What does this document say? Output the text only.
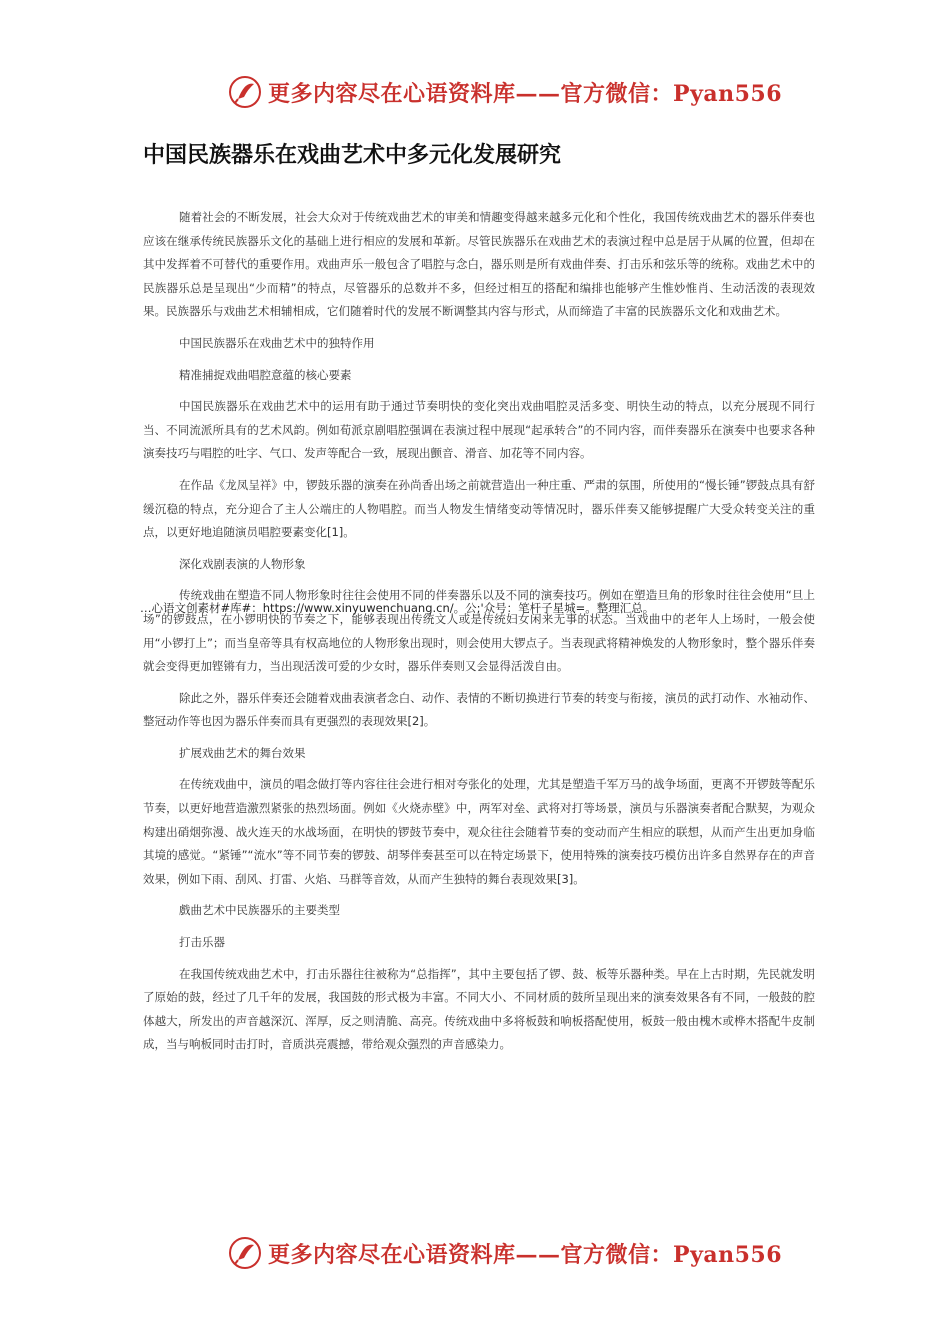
更多内容尽在心语资料库——官方微信：Pyan556
中国民族器乐在戏曲艺术中多元化发展研究

随着社会的不断发展，社会大众对于传统戏曲艺术的审美和情趣变得越来越多元化和个性化，我国传统戏曲艺术的器乐伴奏也应该在继承传统民族器乐文化的基础上进行相应的发展和革新。尽管民族器乐在戏曲艺术的表演过程中总是居于从属的位置，但却在其中发挥着不可替代的重要作用。戏曲声乐一般包含了唱腔与念白，器乐则是所有戏曲伴奏、打击乐和弦乐等的统称。戏曲艺术中的民族器乐总是呈现出“少而精”的特点，尽管器乐的总数并不多，但经过相互的搭配和编排也能够产生惟妙惟肖、生动活泼的表现效果。民族器乐与戏曲艺术相辅相成，它们随着时代的发展不断调整其内容与形式，从而缔造了丰富的民族器乐文化和戏曲艺术。

中国民族器乐在戏曲艺术中的独特作用

精准捕捉戏曲唱腔意蕴的核心要素

中国民族器乐在戏曲艺术中的运用有助于通过节奏明快的变化突出戏曲唱腔灵活多变、明快生动的特点，以充分展现不同行当、不同流派所具有的艺术风韵。例如荀派京剧唱腔强调在表演过程中展现“起承转合”的不同内容，而伴奏器乐在演奏中也要求各种演奏技巧与唱腔的吐字、气口、发声等配合一致，展现出颤音、滑音、加花等不同内容。

在作品《龙凤呈祥》中，锣鼓乐器的演奏在孙尚香出场之前就营造出一种庄重、严肃的氛围，所使用的“慢长锤”锣鼓点具有舒缓沉稳的特点，充分迎合了主人公端庄的人物唱腔。而当人物发生情绪变动等情况时，器乐伴奏又能够提醒广大受众转变关注的重点，以更好地追随演员唱腔要素变化[1]。

深化戏剧表演的人物形象

传统戏曲在塑造不同人物形象时往往会使用不同的伴奏器乐以及不同的演奏技巧。例如在塑造旦角的形象时往往会使用“旦上场”的锣鼓点，在小锣明快的节奏之下，能够表现出传统文人或是传统妇女闲来无事的状态。当戏曲中的老年人上场时，一般会使用“小锣打上”；而当皇帝等具有权高地位的人物形象出现时，则会使用大锣点子。当表现武将精神焕发的人物形象时，整个器乐伴奏就会变得更加铿锵有力，当出现活泼可爱的少女时，器乐伴奏则又会显得活泼自由。

除此之外，器乐伴奏还会随着戏曲表演者念白、动作、表情的不断切换进行节奏的转变与衔接，演员的武打动作、水袖动作、整冠动作等也因为器乐伴奏而具有更强烈的表现效果[2]。

扩展戏曲艺术的舞台效果

在传统戏曲中，演员的唱念做打等内容往往会进行相对夸张化的处理，尤其是塑造千军万马的战争场面，更离不开锣鼓等配乐节奏，以更好地营造激烈紧张的热烈场面。例如《火烧赤壁》中，两军对垒、武将对打等场景，演员与乐器演奏者配合默契，为观众构建出硝烟弥漫、战火连天的水战场面，在明快的锣鼓节奏中，观众往往会随着节奏的变动而产生相应的联想，从而产生出更加身临其境的感觉。“紧锤”“流水”等不同节奏的锣鼓、胡琴伴奏甚至可以在特定场景下，使用特殊的演奏技巧模仿出许多自然界存在的声音效果，例如下雨、刮风、打雷、火焰、马群等音效，从而产生独特的舞台表现效果[3]。

戲曲艺术中民族器乐的主要类型

打击乐器

在我国传统戏曲艺术中，打击乐器往往被称为“总指挥”，其中主要包括了锣、鼓、板等乐器种类。早在上古时期，先民就发明了原始的鼓，经过了几千年的发展，我国鼓的形式极为丰富。不同大小、不同材质的鼓所呈现出来的演奏效果各有不同，一般鼓的腔体越大，所发出的声音越深沉、浑厚，反之则清脆、高亮。传统戏曲中多将板鼓和响板搭配使用，板鼓一般由槐木或桦木搭配牛皮制成，当与响板同时击打时，音质洪亮震撼，带给观众强烈的声音感染力。

…心语文创素材#库#：https://www.xinyuwenchuang.cn/。公;'众号：笔杆子星城=。整理汇总。
更多内容尽在心语资料库——官方微信：Pyan556
